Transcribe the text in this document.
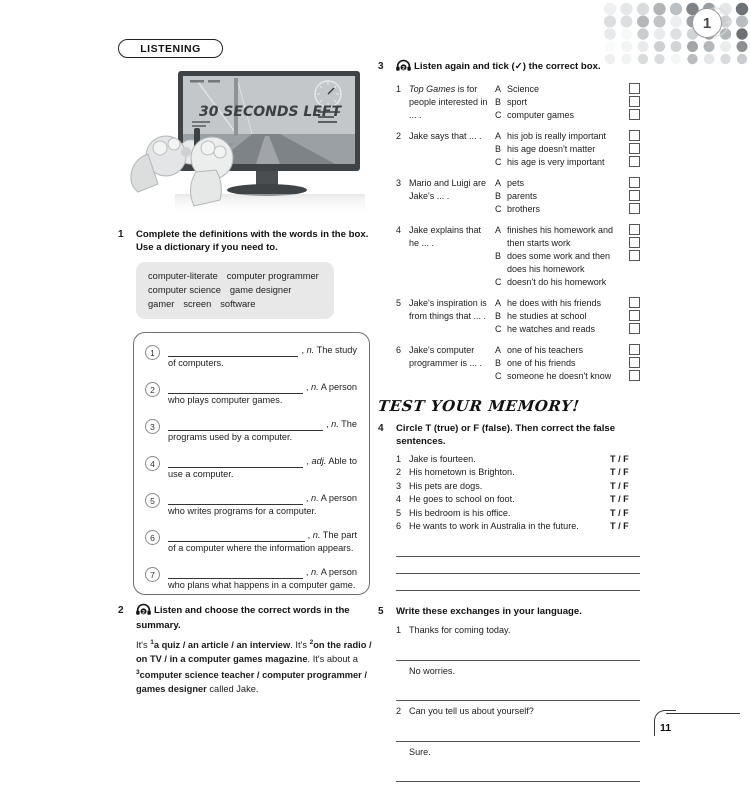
1
LISTENING
30 SECONDS LEFT
1	Complete the definitions with the words in the box. Use a dictionary if you need to.
computer-literate computer programmer
computer science game designer
gamer screen software
1	, n. The study
of computers.
2	, n. A person
who plays computer games.
3	, n. The
programs used by a computer.
4	, adj. Able to
use a computer.
5	, n. A person
who writes programs for a computer.
6	, n. The part
of a computer where the information appears.
7	, n. A person
who plans what happens in a computer game.
2	2 Listen and choose the correct words in the summary.
It's $^1$a quiz / an article / an interview. It's $^2$on the radio / on TV / in a computer games magazine. It's about a $^3$computer science teacher / computer programmer / games designer called Jake.
3	2 Listen again and tick (✓) the correct box.
1 Top Games is for people interested in ... .
A Science
B sport
C computer games
2 Jake says that ... .	A his job is really important
B his age doesn't matter
C his age is very important
3 Mario and Luigi are Jake's ... .
A pets
B parents
C brothers
4 Jake explains that he ... .
A finishes his homework and then starts work
B does some work and then does his homework
C doesn't do his homework
5 Jake's inspiration is from things that ... .
A he does with his friends
B he studies at school
C he watches and reads
6 Jake's computer programmer is ... .
A one of his teachers
B one of his friends
C someone he doesn't know
TEST YOUR MEMORY!
4	Circle T (true) or F (false). Then correct the false sentences.
1 Jake is fourteen.	T / F
2 His hometown is Brighton.	T / F
3 His pets are dogs.	T / F
4 He goes to school on foot.	T / F
5 His bedroom is his office.	T / F
6 He wants to work in Australia in the future.	T / F
5	Write these exchanges in your language.
1 Thanks for coming today.
No worries.
2 Can you tell us about yourself?
Sure.
11
